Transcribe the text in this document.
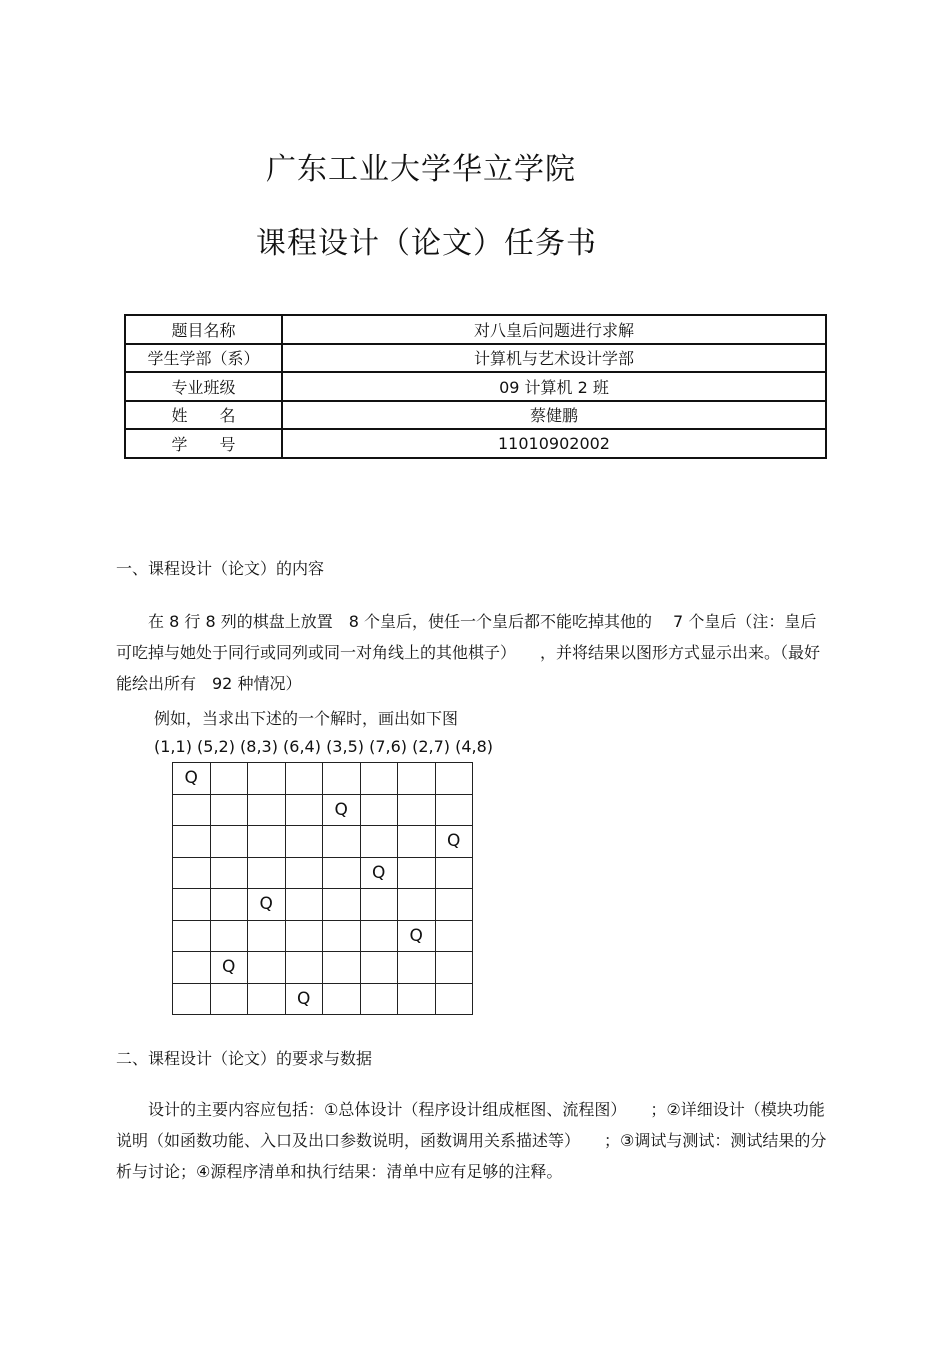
广东工业大学华立学院
课程设计（论文）任务书
题目名称	对八皇后问题进行求解
学生学部（系）	计算机与艺术设计学部
专业班级	09 计算机 2 班
姓　　名	蔡健鹏
学　　号	11010902002
一、课程设计（论文）的内容
　　在 8 行 8 列的棋盘上放置　8 个皇后，使任一个皇后都不能吃掉其他的　 7 个皇后（注：皇后可吃掉与她处于同行或同列或同一对角线上的其他棋子）　　，并将结果以图形方式显示出来。（最好能绘出所有　92 种情况）
例如，当求出下述的一个解时，画出如下图
(1,1) (5,2) (8,3) (6,4) (3,5) (7,6) (2,7) (4,8)
Q							
				Q			
							Q
					Q		
		Q					
						Q	
	Q						
			Q				
二、课程设计（论文）的要求与数据
　　设计的主要内容应包括：①总体设计（程序设计组成框图、流程图）　　；②详细设计（模块功能说明（如函数功能、入口及出口参数说明，函数调用关系描述等）　　；③调试与测试：测试结果的分析与讨论；④源程序清单和执行结果：清单中应有足够的注释。
